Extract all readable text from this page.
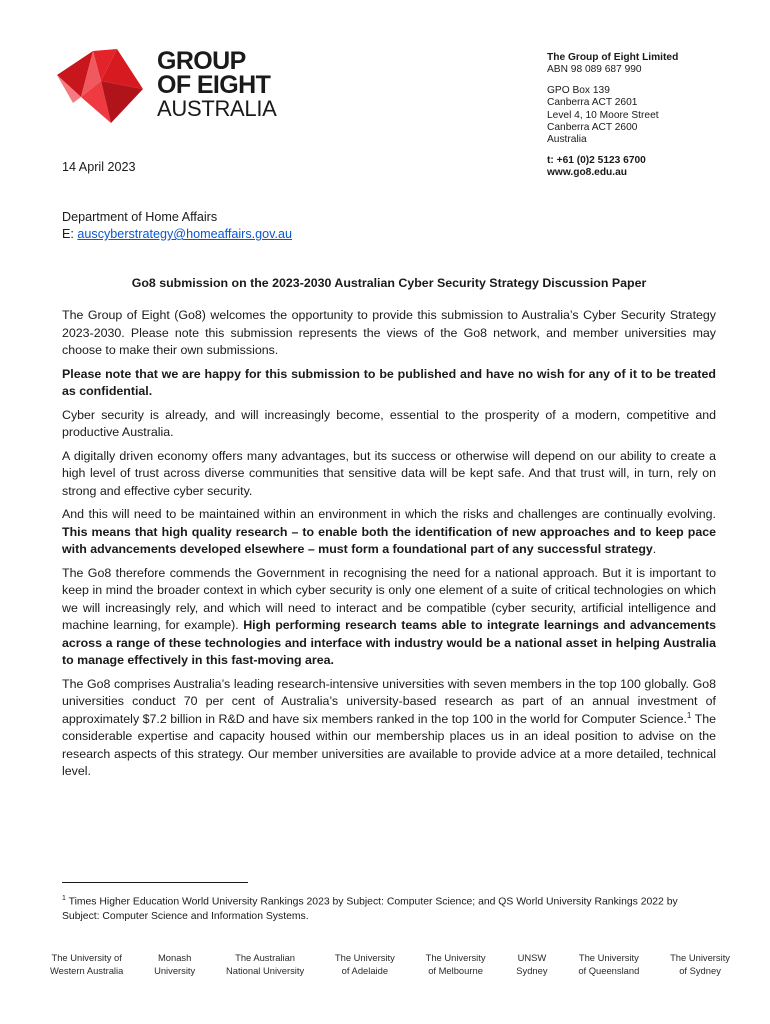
GROUP
OF EIGHT
AUSTRALIA
The Group of Eight Limited
ABN 98 089 687 990
GPO Box 139
Canberra ACT 2601
Level 4, 10 Moore Street
Canberra ACT 2600
Australia
t: +61 (0)2 5123 6700
www.go8.edu.au
14 April 2023
Department of Home Affairs
E: auscyberstrategy@homeaffairs.gov.au
Go8 submission on the 2023-2030 Australian Cyber Security Strategy Discussion Paper

The Group of Eight (Go8) welcomes the opportunity to provide this submission to Australia’s Cyber Security Strategy 2023-2030. Please note this submission represents the views of the Go8 network, and member universities may choose to make their own submissions.

Please note that we are happy for this submission to be published and have no wish for any of it to be treated as confidential.

Cyber security is already, and will increasingly become, essential to the prosperity of a modern, competitive and productive Australia.

A digitally driven economy offers many advantages, but its success or otherwise will depend on our ability to create a high level of trust across diverse communities that sensitive data will be kept safe. And that trust will, in turn, rely on strong and effective cyber security.

And this will need to be maintained within an environment in which the risks and challenges are continually evolving. This means that high quality research – to enable both the identification of new approaches and to keep pace with advancements developed elsewhere – must form a foundational part of any successful strategy.

The Go8 therefore commends the Government in recognising the need for a national approach. But it is important to keep in mind the broader context in which cyber security is only one element of a suite of critical technologies on which we will increasingly rely, and which will need to interact and be compatible (cyber security, artificial intelligence and machine learning, for example). High performing research teams able to integrate learnings and advancements across a range of these technologies and interface with industry would be a national asset in helping Australia to manage effectively in this fast-moving area.

The Go8 comprises Australia’s leading research-intensive universities with seven members in the top 100 globally. Go8 universities conduct 70 per cent of Australia’s university-based research as part of an annual investment of approximately $7.2 billion in R&D and have six members ranked in the top 100 in the world for Computer Science.$^1$ The considerable expertise and capacity housed within our membership places us in an ideal position to advise on the research aspects of this strategy. Our member universities are available to provide advice at a more detailed, technical level.

$^1$ Times Higher Education World University Rankings 2023 by Subject: Computer Science; and QS World University Rankings 2022 by Subject: Computer Science and Information Systems.
The University of
Western Australia
Monash
University
The Australian
National University
The University
of Adelaide
The University
of Melbourne
UNSW
Sydney
The University
of Queensland
The University
of Sydney
